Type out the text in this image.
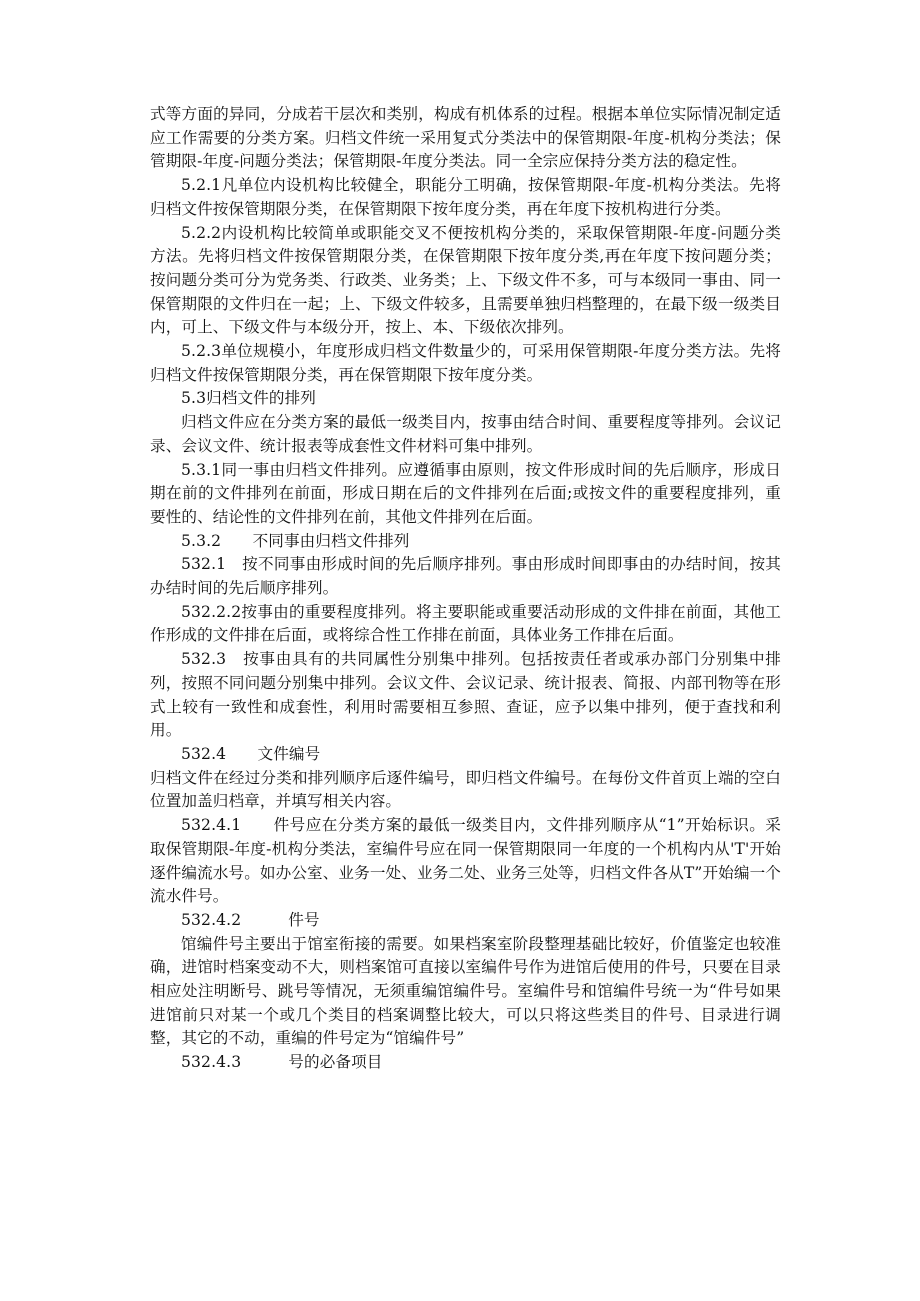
式等方面的异同，分成若干层次和类别，构成有机体系的过程。根据本单位实际情况制定适应工作需要的分类方案。归档文件统一采用复式分类法中的保管期限-年度-机构分类法；保管期限-年度-问题分类法；保管期限-年度分类法。同一全宗应保持分类方法的稳定性。

5.2.1凡单位内设机构比较健全，职能分工明确，按保管期限-年度-机构分类法。先将归档文件按保管期限分类，在保管期限下按年度分类，再在年度下按机构进行分类。

5.2.2内设机构比较简单或职能交叉不便按机构分类的，采取保管期限-年度-问题分类方法。先将归档文件按保管期限分类，在保管期限下按年度分类,再在年度下按问题分类；按问题分类可分为党务类、行政类、业务类；上、下级文件不多，可与本级同一事由、同一保管期限的文件归在一起；上、下级文件较多，且需要单独归档整理的，在最下级一级类目内，可上、下级文件与本级分开，按上、本、下级依次排列。

5.2.3单位规模小，年度形成归档文件数量少的，可采用保管期限-年度分类方法。先将归档文件按保管期限分类，再在保管期限下按年度分类。

5.3归档文件的排列

归档文件应在分类方案的最低一级类目内，按事由结合时间、重要程度等排列。会议记录、会议文件、统计报表等成套性文件材料可集中排列。

5.3.1同一事由归档文件排列。应遵循事由原则，按文件形成时间的先后顺序，形成日期在前的文件排列在前面，形成日期在后的文件排列在后面;或按文件的重要程度排列，重要性的、结论性的文件排列在前，其他文件排列在后面。

5.3.2　　不同事由归档文件排列

532.1　按不同事由形成时间的先后顺序排列。事由形成时间即事由的办结时间，按其办结时间的先后顺序排列。

532.2.2按事由的重要程度排列。将主要职能或重要活动形成的文件排在前面，其他工作形成的文件排在后面，或将综合性工作排在前面，具体业务工作排在后面。

532.3　按事由具有的共同属性分别集中排列。包括按责任者或承办部门分别集中排列，按照不同问题分别集中排列。会议文件、会议记录、统计报表、简报、内部刊物等在形式上较有一致性和成套性，利用时需要相互参照、查证，应予以集中排列，便于查找和利用。

532.4　　文件编号

归档文件在经过分类和排列顺序后逐件编号，即归档文件编号。在每份文件首页上端的空白位置加盖归档章，并填写相关内容。

532.4.1　　件号应在分类方案的最低一级类目内，文件排列顺序从“1”开始标识。采取保管期限-年度-机构分类法，室编件号应在同一保管期限同一年度的一个机构内从'T'开始逐件编流水号。如办公室、业务一处、业务二处、业务三处等，归档文件各从T”开始编一个流水件号。

532.4.2　　　件号

馆编件号主要出于馆室衔接的需要。如果档案室阶段整理基础比较好，价值鉴定也较准确，进馆时档案变动不大，则档案馆可直接以室编件号作为进馆后使用的件号，只要在目录相应处注明断号、跳号等情况，无须重编馆编件号。室编件号和馆编件号统一为“件号如果进馆前只对某一个或几个类目的档案调整比较大，可以只将这些类目的件号、目录进行调整，其它的不动，重编的件号定为“馆编件号”

532.4.3　　　号的必备项目
